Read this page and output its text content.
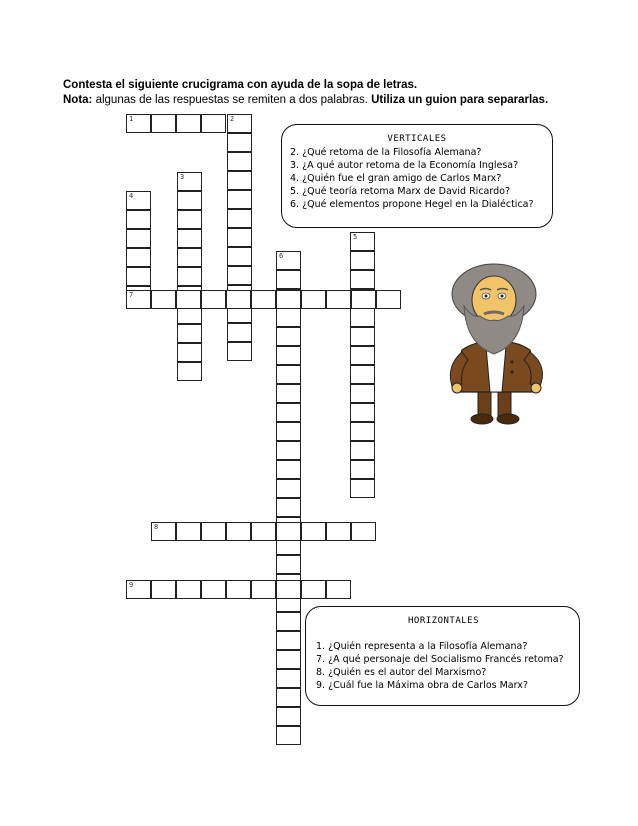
Contesta el siguiente crucigrama con ayuda de la sopa de letras.
Nota: algunas de las respuestas se remiten a dos palabras. Utiliza un guion para separarlas.
1	2
3
4
5
6
7
8
9
VERTICALES
2. ¿Qué retoma de la Filosofía Alemana?
3. ¿A qué autor retoma de la Economía Inglesa?
4. ¿Quién fue el gran amigo de Carlos Marx?
5. ¿Qué teoría retoma Marx de David Ricardo?
6. ¿Qué elementos propone Hegel en la Dialéctica?
HORIZONTALES
1. ¿Quién representa a la Filosofía Alemana?
7. ¿A qué personaje del Socialismo Francés retoma?
8. ¿Quién es el autor del Marxismo?
9. ¿Cuál fue la Máxima obra de Carlos Marx?
